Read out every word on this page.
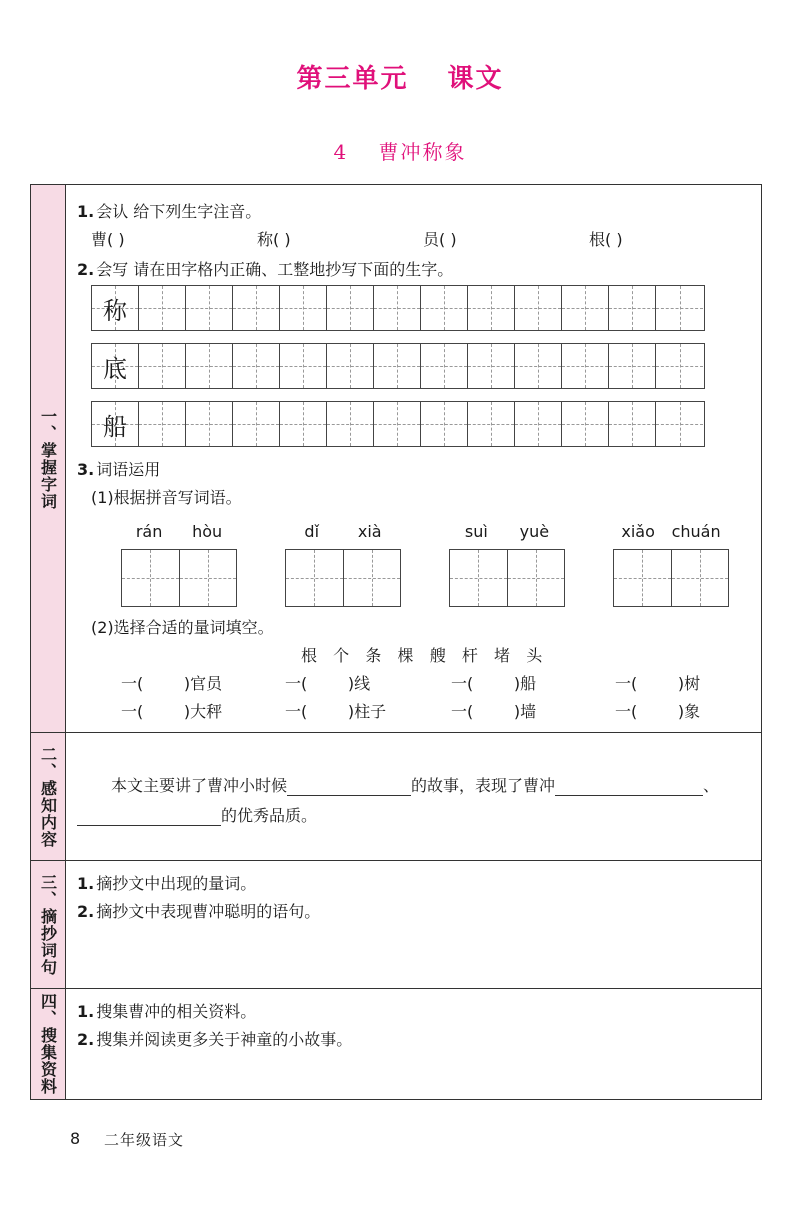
第三单元 课文
4 曹冲称象
一、掌握字词
1. 会认 给下列生字注音。
曹( )	称( )	员( )	根( )
2. 会写 请在田字格内正确、工整地抄写下面的生字。
称
底
船
3. 词语运用
(1)根据拼音写词语。
rán hòu	dǐ xià	suì yuè	xiǎo chuán
(2)选择合适的量词填空。
根  个  条  棵  艘  杆  堵  头
一(        )官员	一(        )线	一(        )船	一(        )树
一(        )大秤	一(        )柱子	一(        )墙	一(        )象
二、感知内容	本文主要讲了曹冲小时候	的故事，表现了曹冲	、
的优秀品质。
三、摘抄词句 1. 摘抄文中出现的量词。
2. 摘抄文中表现曹冲聪明的语句。
四、搜集资料 1. 搜集曹冲的相关资料。
2. 搜集并阅读更多关于神童的小故事。
8 二年级语文
